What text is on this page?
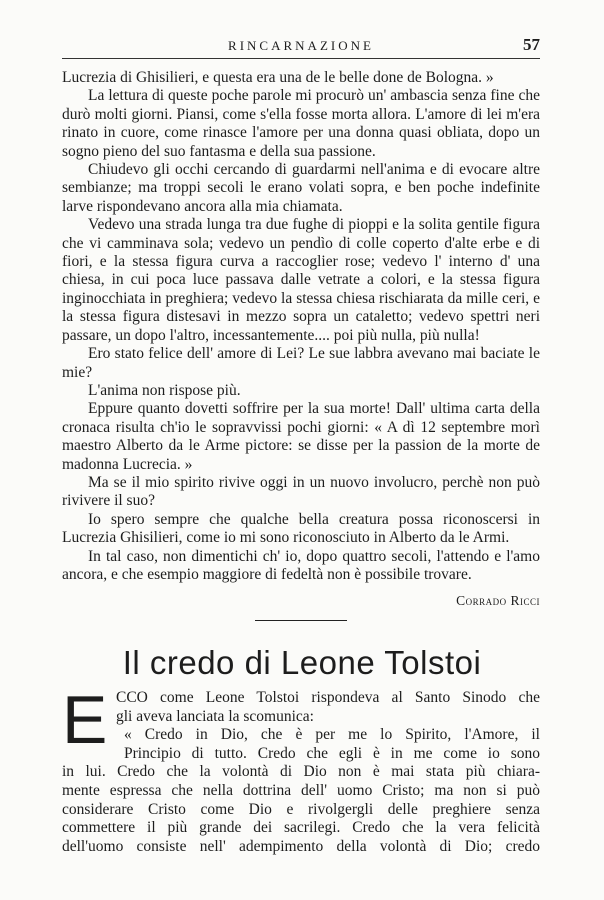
RINCARNAZIONE	57

Lucrezia di Ghisilieri, e questa era una de le belle done de Bologna. »

La lettura di queste poche parole mi procurò un' ambascia senza fine che durò molti giorni. Piansi, come s'ella fosse morta allora. L'amore di lei m'era rinato in cuore, come rinasce l'amore per una donna quasi obliata, dopo un sogno pieno del suo fantasma e della sua passione.

Chiudevo gli occhi cercando di guardarmi nell'anima e di evocare altre sembianze; ma troppi secoli le erano volati sopra, e ben poche indefinite larve rispondevano ancora alla mia chiamata.

Vedevo una strada lunga tra due fughe di pioppi e la solita gentile figura che vi camminava sola; vedevo un pendìo di colle coperto d'alte erbe e di fiori, e la stessa figura curva a raccoglier rose; vedevo l' interno d' una chiesa, in cui poca luce passava dalle vetrate a colori, e la stessa figura inginocchiata in preghiera; vedevo la stessa chiesa rischiarata da mille ceri, e la stessa figura distesavi in mezzo sopra un cataletto; vedevo spettri neri passare, un dopo l'altro, incessantemente.... poi più nulla, più nulla!

Ero stato felice dell' amore di Lei? Le sue labbra avevano mai baciate le mie?

L'anima non rispose più.

Eppure quanto dovetti soffrire per la sua morte! Dall' ultima carta della cronaca risulta ch'io le sopravvissi pochi giorni: « A dì 12 septembre morì maestro Alberto da le Arme pictore: se disse per la passion de la morte de madonna Lucrecia. »

Ma se il mio spirito rivive oggi in un nuovo involucro, perchè non può rivivere il suo?

Io spero sempre che qualche bella creatura possa riconoscersi in Lucrezia Ghisilieri, come io mi sono riconosciuto in Alberto da le Armi.

In tal caso, non dimentichi ch' io, dopo quattro secoli, l'attendo e l'amo ancora, e che esempio maggiore di fedeltà non è possibile trovare.

Corrado Ricci
Il credo di Leone Tolstoi
E CCO come Leone Tolstoi rispondeva al Santo Sinodo che
gli aveva lanciata la scomunica:
« Credo in Dio, che è per me lo Spirito, l'Amore, il
Principio di tutto. Credo che egli è in me come io sono
in lui. Credo che la volontà di Dio non è mai stata più chiara-
mente espressa che nella dottrina dell' uomo Cristo; ma non si può
considerare Cristo come Dio e rivolgergli delle preghiere senza
commettere il più grande dei sacrilegi. Credo che la vera felicità
dell'uomo consiste nell' adempimento della volontà di Dio; credo
